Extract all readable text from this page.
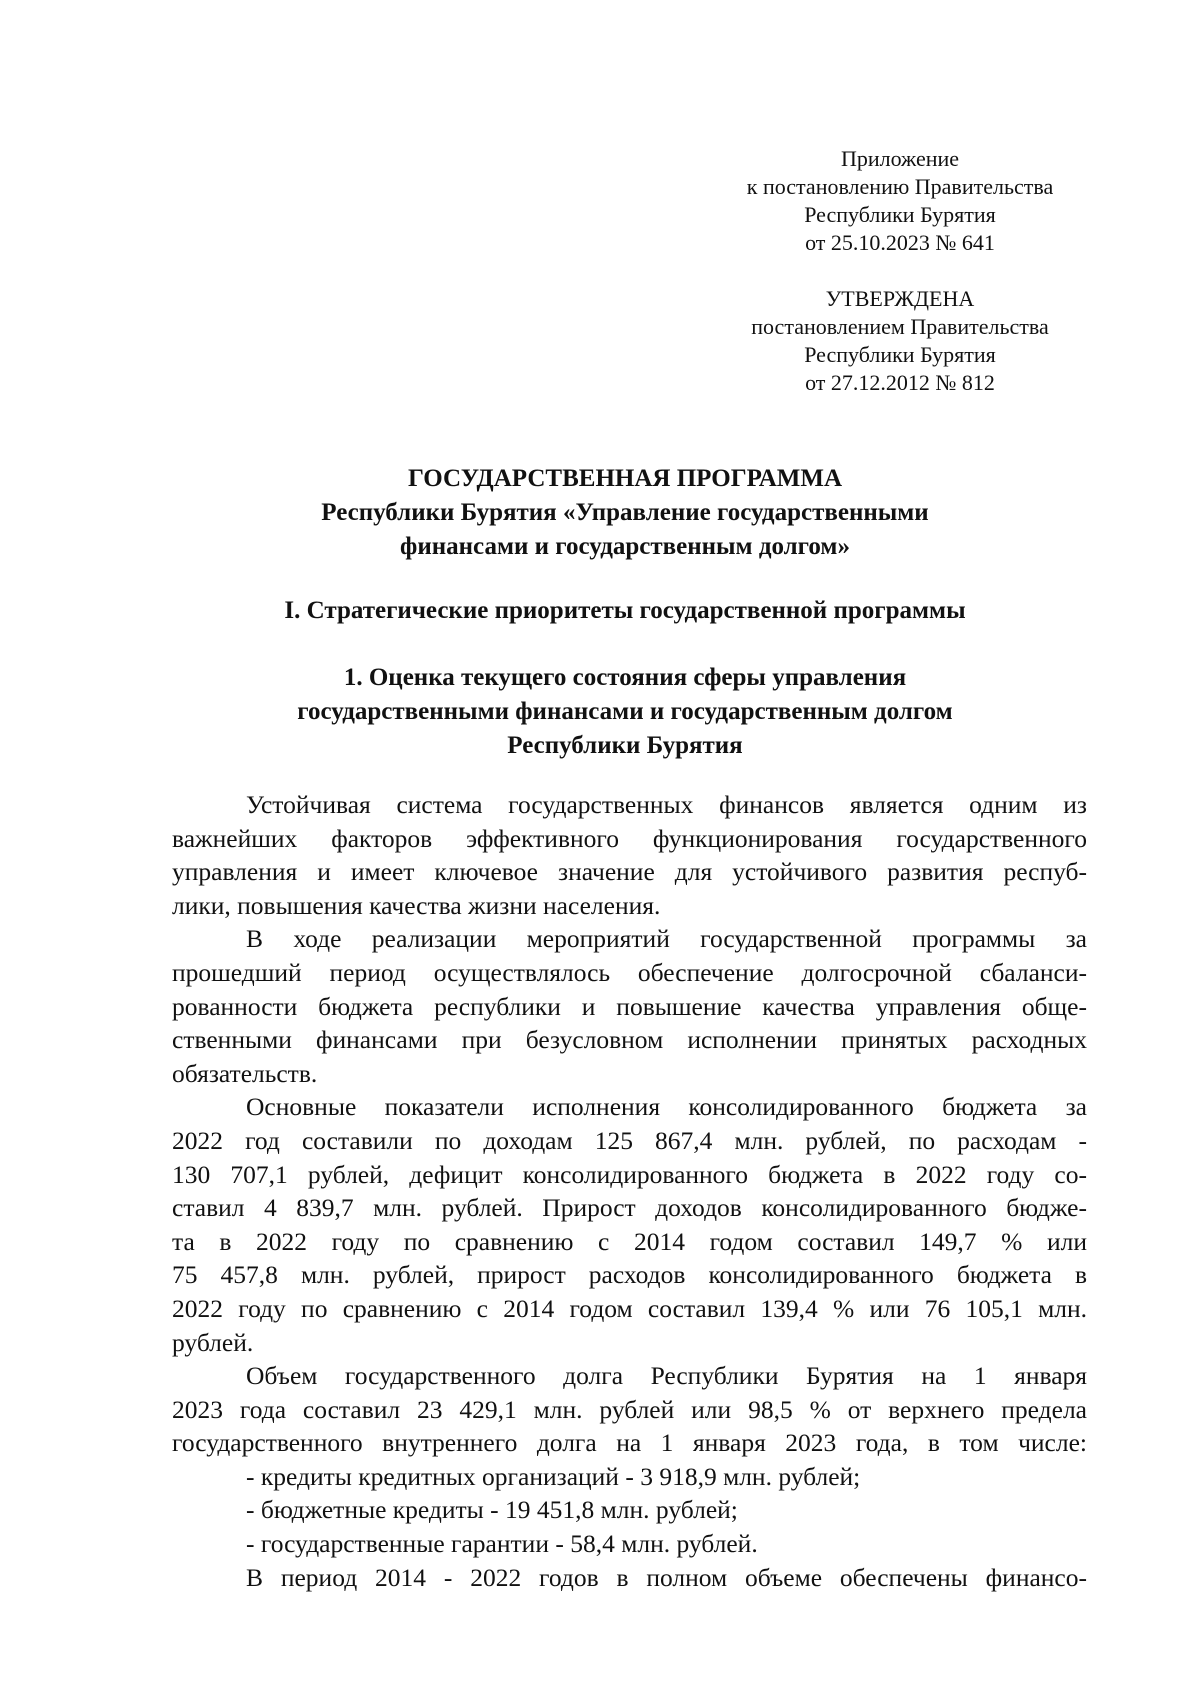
Приложение
к постановлению Правительства
Республики Бурятия
от 25.10.2023 № 641
УТВЕРЖДЕНА
постановлением Правительства
Республики Бурятия
от 27.12.2012 № 812
ГОСУДАРСТВЕННАЯ ПРОГРАММА
Республики Бурятия «Управление государственными
финансами и государственным долгом»
I. Стратегические приоритеты государственной программы
1. Оценка текущего состояния сферы управления
государственными финансами и государственным долгом
Республики Бурятия
Устойчивая система государственных финансов является одним из
важнейших факторов эффективного функционирования государственного
управления и имеет ключевое значение для устойчивого развития респуб-
лики, повышения качества жизни населения.
В ходе реализации мероприятий государственной программы за
прошедший период осуществлялось обеспечение долгосрочной сбаланси-
рованности бюджета республики и повышение качества управления обще-
ственными финансами при безусловном исполнении принятых расходных
обязательств.
Основные показатели исполнения консолидированного бюджета за
2022 год составили по доходам 125 867,4 млн. рублей, по расходам -
130 707,1 рублей, дефицит консолидированного бюджета в 2022 году со-
ставил 4 839,7 млн. рублей. Прирост доходов консолидированного бюдже-
та в 2022 году по сравнению с 2014 годом составил 149,7 % или
75 457,8 млн. рублей, прирост расходов консолидированного бюджета в
2022 году по сравнению с 2014 годом составил 139,4 % или 76 105,1 млн.
рублей.
Объем государственного долга Республики Бурятия на 1 января
2023 года составил 23 429,1 млн. рублей или 98,5 % от верхнего предела
государственного внутреннего долга на 1 января 2023 года, в том числе:
- кредиты кредитных организаций - 3 918,9 млн. рублей;
- бюджетные кредиты - 19 451,8 млн. рублей;
- государственные гарантии - 58,4 млн. рублей.
В период 2014 - 2022 годов в полном объеме обеспечены финансо-
